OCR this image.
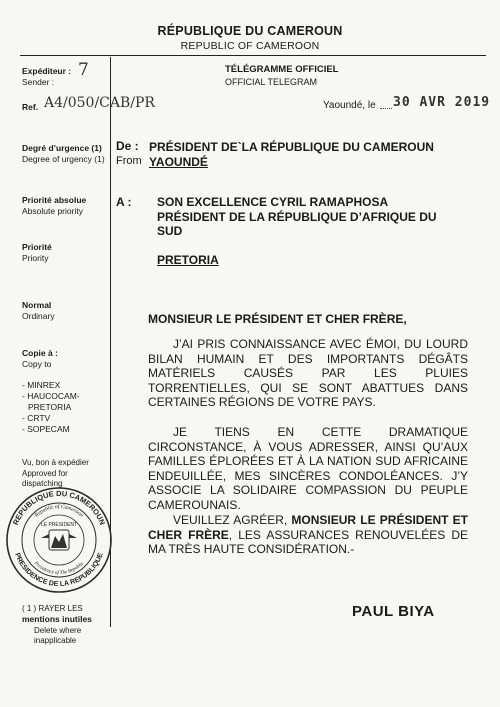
RÉPUBLIQUE DU CAMEROUN
REPUBLIC OF CAMEROON
Expéditeur :
Sender :
7
Ref. A4/050/CAB/PR
Degré d’urgence (1)
Degree of urgency (1)
Priorité absolue
Absolute priority
Priorité
Priority
Normal
Ordinary
Copie à :
Copy to
- MINREX
- HAUCOCAM-
PRETORIA
- CRTV
- SOPECAM
Vu, bon à expédier
Approved for
dispatching
REPUBLIQUE DU CAMEROUN
PRESIDENCE DE LA REPUBLIQUE
Republic of Cameroon
Presidency of The Republic
LE PRESIDENT
( 1 ) RAYER LES
mentions inutiles
Delete where
inapplicable
TÉLÉGRAMME OFFICIEL
OFFICIAL TELEGRAM
Yaoundé, le 30 AVR 2019
De :
From
PRÉSIDENT DE`LA RÉPUBLIQUE DU CAMEROUN
YAOUNDÉ
A : SON EXCELLENCE CYRIL RAMAPHOSA
PRÉSIDENT DE LA RÉPUBLIQUE D’AFRIQUE DU
SUD
PRETORIA
MONSIEUR LE PRÉSIDENT ET CHER FRÈRE,

J’AI PRIS CONNAISSANCE AVEC ÉMOI, DU LOURD BILAN HUMAIN ET DES IMPORTANTS DÉGÂTS MATÉRIELS CAUSÉS PAR LES PLUIES TORRENTIELLES, QUI SE SONT ABATTUES DANS CERTAINES RÉGIONS DE VOTRE PAYS.

JE TIENS EN CETTE DRAMATIQUE CIRCONSTANCE, À VOUS ADRESSER, AINSI QU’AUX FAMILLES ÉPLORÉES ET À LA NATION SUD AFRICAINE ENDEUILLÉE, MES SINCÈRES CONDOLÉANCES. J’Y ASSOCIE LA SOLIDAIRE COMPASSION DU PEUPLE CAMEROUNAIS.

VEUILLEZ AGRÉER, MONSIEUR LE PRÉSIDENT ET CHER FRÈRE, LES ASSURANCES RENOUVELÉES DE MA TRÈS HAUTE CONSIDÉRATION.-

PAUL BIYA
